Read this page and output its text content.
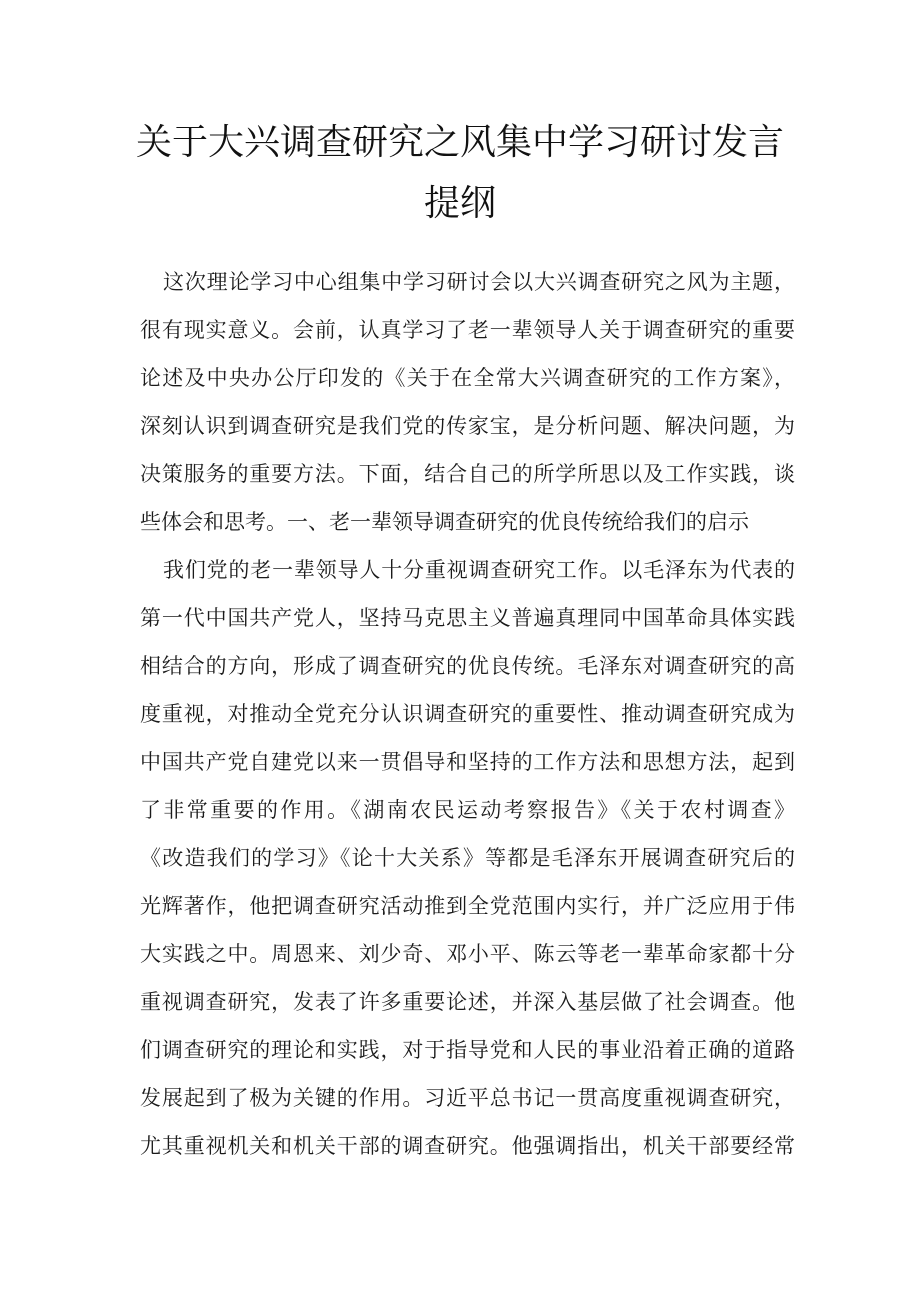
关于大兴调查研究之风集中学习研讨发言
提纲
这次理论学习中心组集中学习研讨会以大兴调查研究之风为主题，
很有现实意义。会前，认真学习了老一辈领导人关于调查研究的重要
论述及中央办公厅印发的《关于在全常大兴调查研究的工作方案》，
深刻认识到调查研究是我们党的传家宝，是分析问题、解决问题，为
决策服务的重要方法。下面，结合自己的所学所思以及工作实践，谈
些体会和思考。一、老一辈领导调查研究的优良传统给我们的启示
我们党的老一辈领导人十分重视调查研究工作。以毛泽东为代表的
第一代中国共产党人，坚持马克思主义普遍真理同中国革命具体实践
相结合的方向，形成了调查研究的优良传统。毛泽东对调查研究的高
度重视，对推动全党充分认识调查研究的重要性、推动调查研究成为
中国共产党自建党以来一贯倡导和坚持的工作方法和思想方法，起到
了非常重要的作用。《湖南农民运动考察报告》《关于农村调查》
《改造我们的学习》《论十大关系》等都是毛泽东开展调查研究后的
光辉著作，他把调查研究活动推到全党范围内实行，并广泛应用于伟
大实践之中。周恩来、刘少奇、邓小平、陈云等老一辈革命家都十分
重视调查研究，发表了许多重要论述，并深入基层做了社会调查。他
们调查研究的理论和实践，对于指导党和人民的事业沿着正确的道路
发展起到了极为关键的作用。习近平总书记一贯高度重视调查研究，
尤其重视机关和机关干部的调查研究。他强调指出，机关干部要经常
